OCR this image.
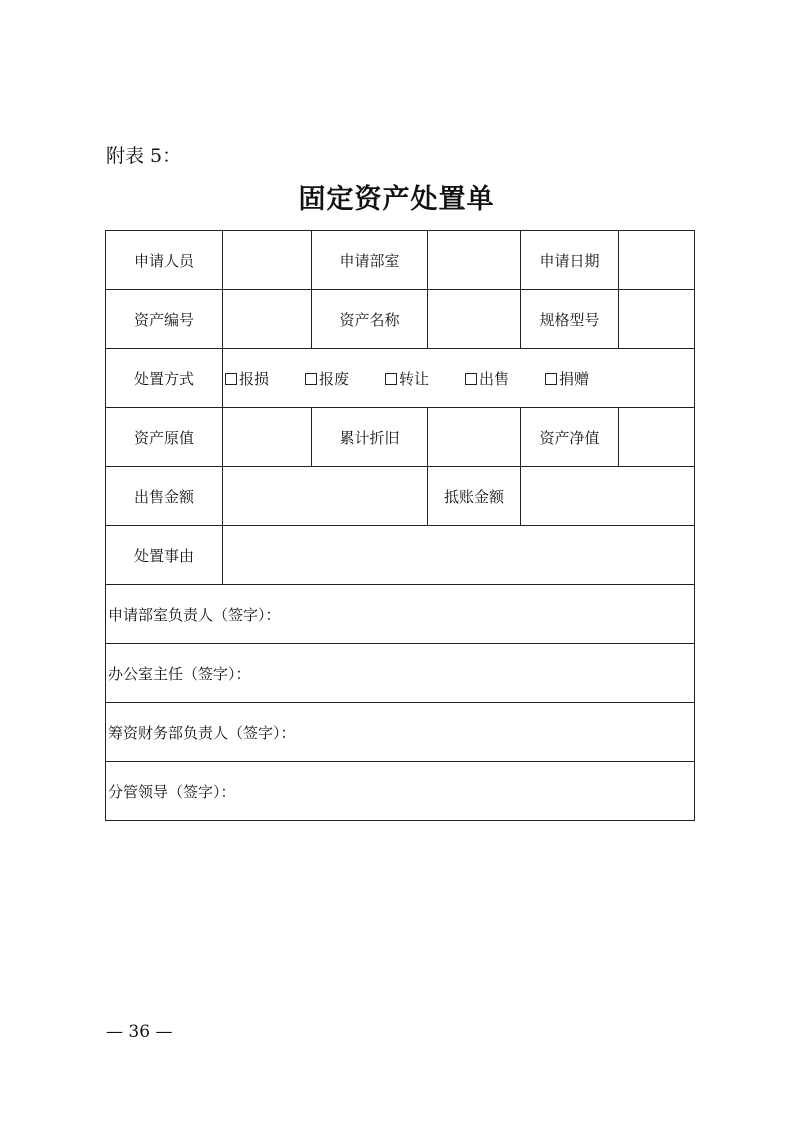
附表 5：
固定资产处置单
申请人员		申请部室		申请日期	
资产编号		资产名称		规格型号	
处置方式	报损 报废 转让 出售 捐赠				
资产原值		累计折旧		资产净值	
出售金额			抵账金额		
处置事由					
申请部室负责人（签字）：					
办公室主任（签字）：					
筹资财务部负责人（签字）：					
分管领导（签字）：					
— 36 —
